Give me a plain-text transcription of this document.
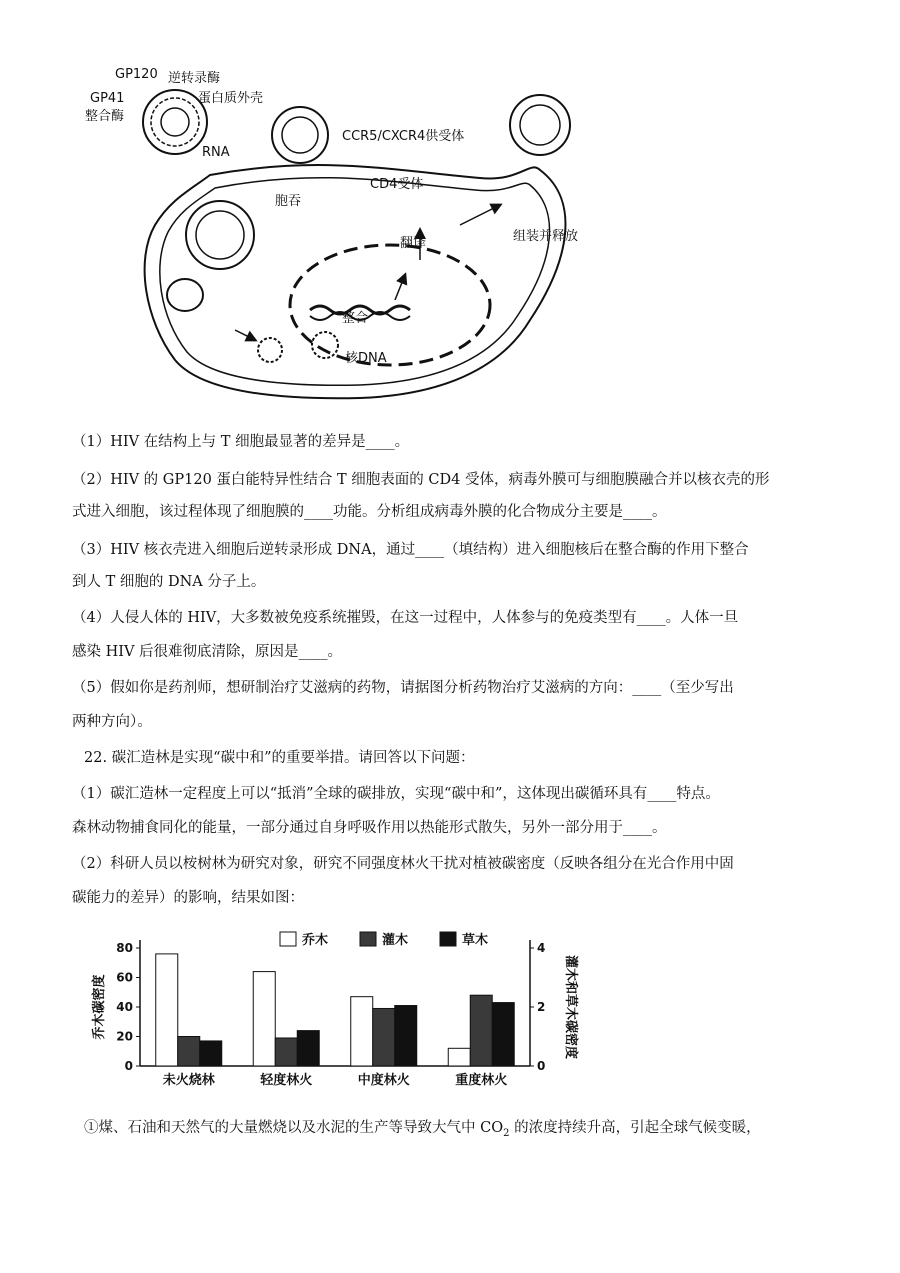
GP120 逆转录酶
GP41	蛋白质外壳
整合酶
RNA
CCR5/CXCR4供受体
CD4受体
胞吞
组装并释放
翻译
整合
核DNA
（1）HIV 在结构上与 T 细胞最显著的差异是____。
（2）HIV 的 GP120 蛋白能特异性结合 T 细胞表面的 CD4 受体，病毒外膜可与细胞膜融合并以核衣壳的形
式进入细胞，该过程体现了细胞膜的____功能。分析组成病毒外膜的化合物成分主要是____。
（3）HIV 核衣壳进入细胞后逆转录形成 DNA，通过____（填结构）进入细胞核后在整合酶的作用下整合
到人 T 细胞的 DNA 分子上。
（4）人侵人体的 HIV，大多数被免疫系统摧毁，在这一过程中，人体参与的免疫类型有____。人体一旦
感染 HIV 后很难彻底清除，原因是____。
（5）假如你是药剂师，想研制治疗艾滋病的药物，请据图分析药物治疗艾滋病的方向：____（至少写出
两种方向）。
22. 碳汇造林是实现“碳中和”的重要举措。请回答以下问题：
（1）碳汇造林一定程度上可以“抵消”全球的碳排放，实现“碳中和”，这体现出碳循环具有____特点。
森林动物捕食同化的能量，一部分通过自身呼吸作用以热能形式散失，另外一部分用于____。
（2）科研人员以桉树林为研究对象，研究不同强度林火干扰对植被碳密度（反映各组分在光合作用中固
碳能力的差异）的影响，结果如图：
0
20
40
60
80
0
2
4
乔木碳密度	灌木和草木碳密度
未火烧林	轻度林火	中度林火	重度林火
乔木	灌木	草木
①煤、石油和天然气的大量燃烧以及水泥的生产等导致大气中 $CO_2$ 的浓度持续升高，引起全球气候变暖，
